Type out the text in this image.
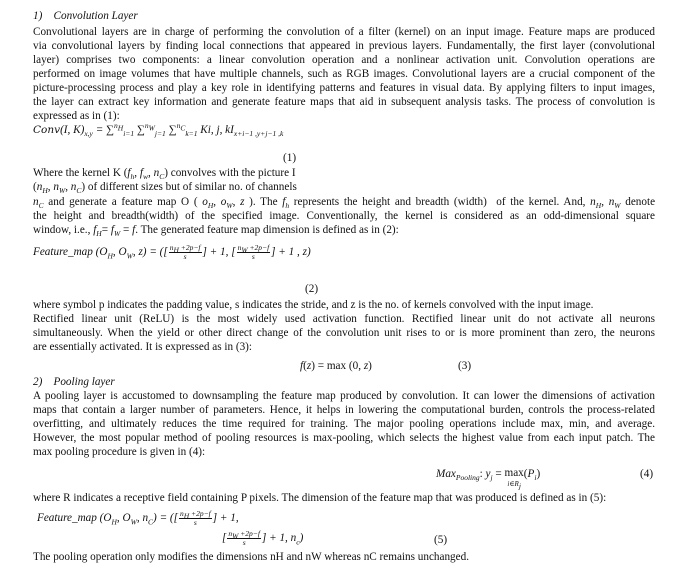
1)    Convolution Layer
Convolutional layers are in charge of performing the convolution of a filter (kernel) on an input image. Feature maps are produced
via convolutional layers by finding local connections that appeared in previous layers. Fundamentally, the first layer (convolutional
layer) comprises two components: a linear convolution operation and a nonlinear activation unit. Convolution operations are
performed on image volumes that have multiple channels, such as RGB images. Convolutional layers are a crucial component of the
picture-processing process and play a key role in identifying patterns and features in visual data. By applying filters to input images,
the layer can extract key information and generate feature maps that aid in subsequent analysis tasks. The process of convolution is
expressed as in (1):
Conv(I, $K)_{x,y} = \sum^{n_H}_{i=1}$ ∑$^{n_W}_{j=1}$ ∑$^{n_C}_{k=1}$ Ki, j, $kI_{x+i-1 ,y+j-1 ,k}$
(1)
Where the kernel K ($f_h$, $f_w$, $n_C$) convolves with the picture I
($n_H$, $n_W$, $n_C$) of different sizes but of similar no. of channels
$n_C$ and generate a feature map O ( $o_H$, $o_W$, z ). The $f_h$ represents the height and breadth (width)  of the kernel. And, $n_H$, $n_W$ denote
the height and breadth(width) of the specified image. Conventionally, the kernel is considered as an odd-dimensional square
window, i.e., $f_H= f_W = f$. The generated feature map dimension is defined as in (2):
Feature_map ($O_H$, $O_W$, z) = ([ $\frac{n_H +2p-f}{s}$ ] + 1, [ $\frac{n_W +2p-f}{s}$ ] + 1 , z)
(2)
where symbol p indicates the padding value, s indicates the stride, and z is the no. of kernels convolved with the input image.
Rectified linear unit (ReLU) is the most widely used activation function. Rectified linear unit do not activate all neurons
simultaneously. When the yield or other direct change of the convolution unit rises to or is more prominent than zero, the neurons
are essentially activated. It is expressed as in (3):
f(z) = max (0, z)	(3)
2)    Pooling layer
A pooling layer is accustomed to downsampling the feature map produced by convolution. It can lower the dimensions of activation
maps that contain a larger number of parameters. Hence, it helps in lowering the computational burden, controls the process-related
overfitting, and ultimately reduces the time required for training. The major pooling operations include max, min, and average.
However, the most popular method of pooling resources is max-pooling, which selects the highest value from each input patch. The
max pooling procedure is given in (4):
Max$_{Pooling}$: $y_j = \max$
$i\in R_j(P_i)$	(4)
where R indicates a receptive field containing P pixels. The dimension of the feature map that was produced is defined as in (5):
Feature_map ($O_H$, $O_W$, $n_C$) = ([ $\frac{n_H +2p-f}{s}$ ] + 1,
[ $\frac{n_W +2p-f}{s}$ ] + 1, $n_c$)	(5)
The pooling operation only modifies the dimensions nH and nW whereas nC remains unchanged.
